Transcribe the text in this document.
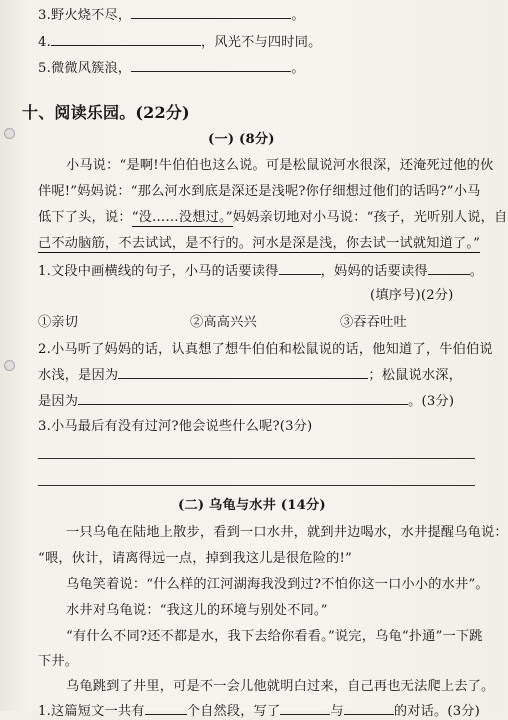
3.野火烧不尽，	。
4.	，风光不与四时同。
5.微微风簇浪，	。
十、阅读乐园。(22分)
(一) (8分)
小马说：“是啊!牛伯伯也这么说。可是松鼠说河水很深，还淹死过他的伙
伴呢!”妈妈说：“那么河水到底是深还是浅呢?你仔细想过他们的话吗?”小马
低下了头，说：“没……没想过。”妈妈亲切地对小马说：“孩子，光听别人说，自
己不动脑筋，不去试试，是不行的。河水是深是浅，你去试一试就知道了。”
1.文段中画横线的句子，小马的话要读得	，妈妈的话要读得	。
(填序号)(2分)
①亲切	②高高兴兴	③吞吞吐吐
2.小马听了妈妈的话，认真想了想牛伯伯和松鼠说的话，他知道了，牛伯伯说
水浅，是因为	；松鼠说水深，
是因为	。(3分)
3.小马最后有没有过河?他会说些什么呢?(3分)
(二) 乌龟与水井 (14分)
一只乌龟在陆地上散步，看到一口水井，就到井边喝水，水井提醒乌龟说：
“喂，伙计，请离得远一点，掉到我这儿是很危险的!”
乌龟笑着说：“什么样的江河湖海我没到过?不怕你这一口小小的水井”。
水井对乌龟说：“我这儿的环境与别处不同。”
“有什么不同?还不都是水，我下去给你看看。”说完，乌龟“扑通”一下跳
下井。
乌龟跳到了井里，可是不一会儿他就明白过来，自己再也无法爬上去了。
1.这篇短文一共有	个自然段，写了	与	的对话。(3分)
